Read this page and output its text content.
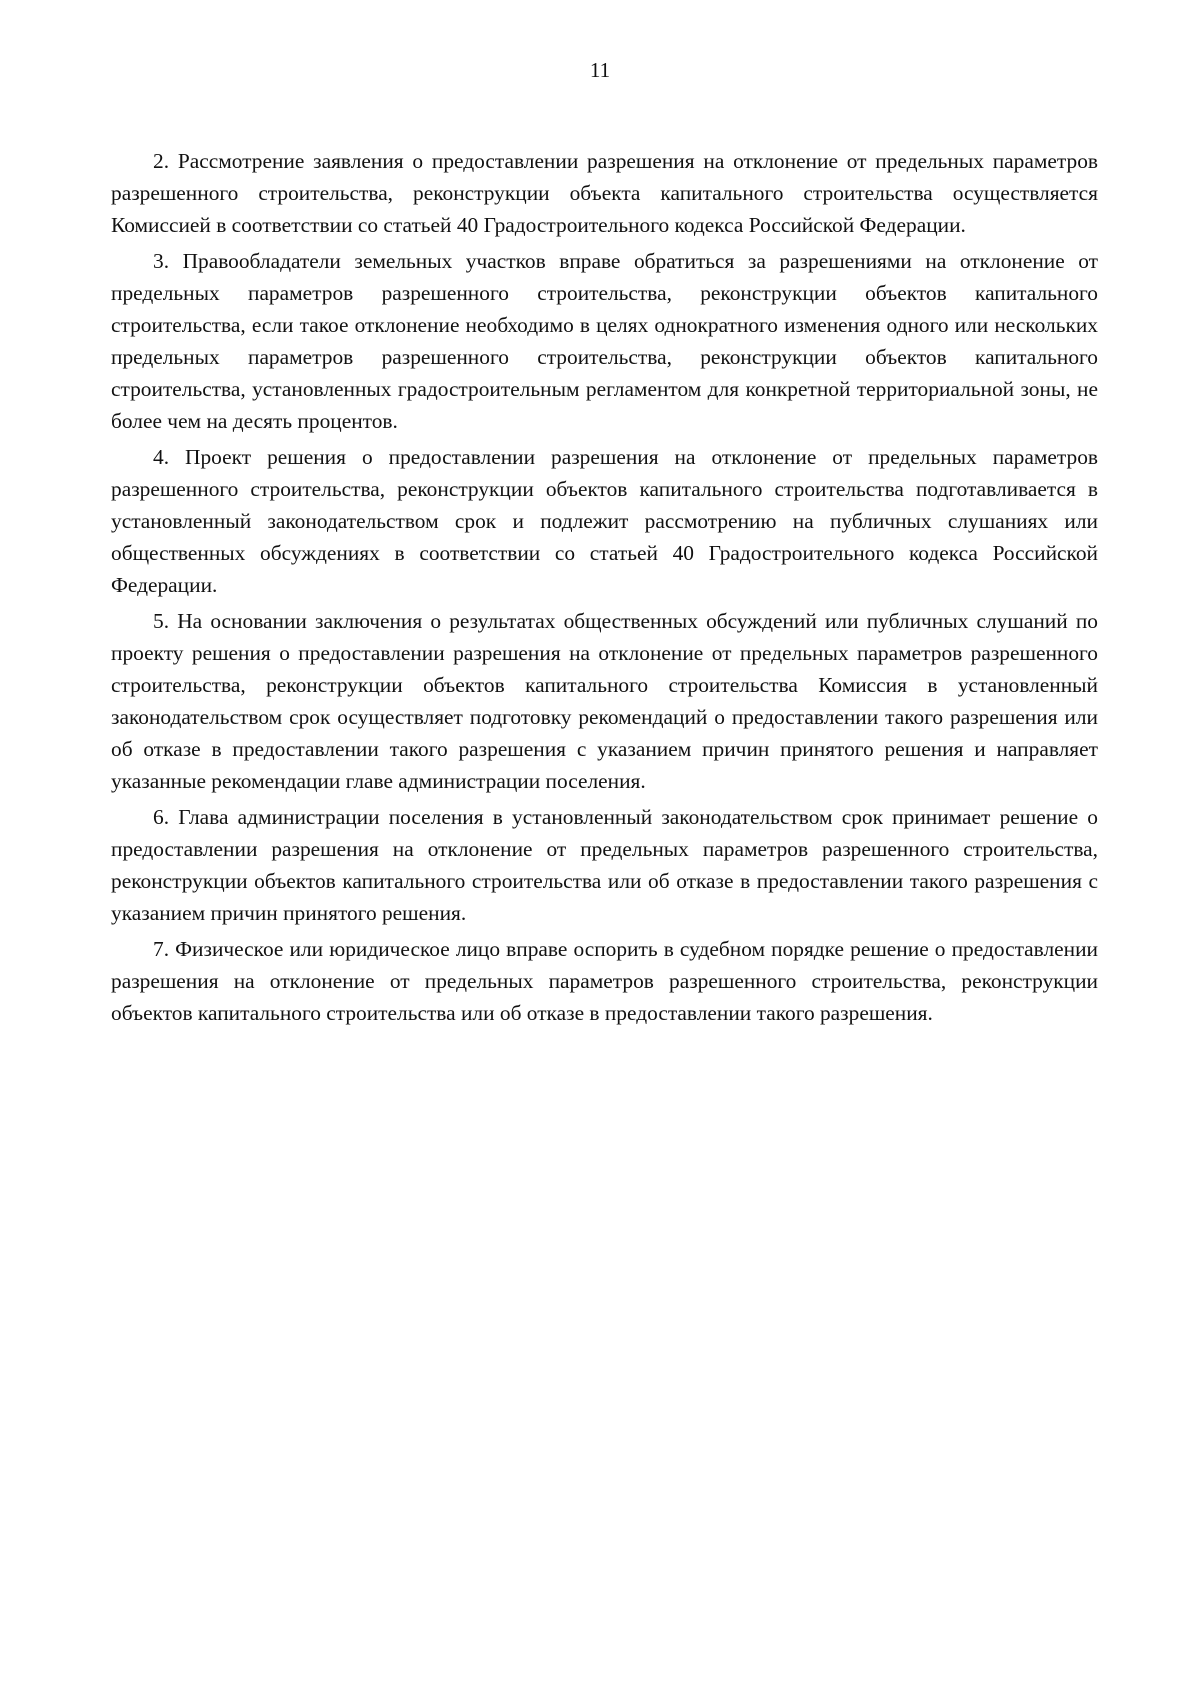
11

2. Рассмотрение заявления о предоставлении разрешения на отклонение от предельных параметров разрешенного строительства, реконструкции объекта капитального строительства осуществляется Комиссией в соответствии со статьей 40 Градостроительного кодекса Российской Федерации.

3. Правообладатели земельных участков вправе обратиться за разрешениями на отклонение от предельных параметров разрешенного строительства, реконструкции объектов капитального строительства, если такое отклонение необходимо в целях однократного изменения одного или нескольких предельных параметров разрешенного строительства, реконструкции объектов капитального строительства, установленных градостроительным регламентом для конкретной территориальной зоны, не более чем на десять процентов.

4. Проект решения о предоставлении разрешения на отклонение от предельных параметров разрешенного строительства, реконструкции объектов капитального строительства подготавливается в установленный законодательством срок и подлежит рассмотрению на публичных слушаниях или общественных обсуждениях в соответствии со статьей 40 Градостроительного кодекса Российской Федерации.

5. На основании заключения о результатах общественных обсуждений или публичных слушаний по проекту решения о предоставлении разрешения на отклонение от предельных параметров разрешенного строительства, реконструкции объектов капитального строительства Комиссия в установленный законодательством срок осуществляет подготовку рекомендаций о предоставлении такого разрешения или об отказе в предоставлении такого разрешения с указанием причин принятого решения и направляет указанные рекомендации главе администрации поселения.

6. Глава администрации поселения в установленный законодательством срок принимает решение о предоставлении разрешения на отклонение от предельных параметров разрешенного строительства, реконструкции объектов капитального строительства или об отказе в предоставлении такого разрешения с указанием причин принятого решения.

7. Физическое или юридическое лицо вправе оспорить в судебном порядке решение о предоставлении разрешения на отклонение от предельных параметров разрешенного строительства, реконструкции объектов капитального строительства или об отказе в предоставлении такого разрешения.
